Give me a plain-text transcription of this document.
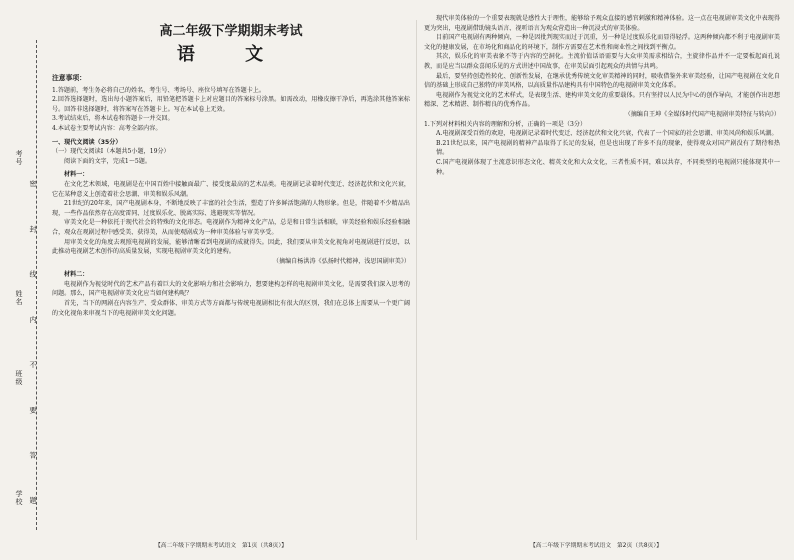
考号
姓名
班级
学校 密 封 线 内 不 要 答 题
高二年级下学期期末考试
语 文
注意事项：

1.答题前，考生务必将自己的姓名、考生号、考场号、座位号填写在答题卡上。

2.回答选择题时，选出每小题答案后，用铅笔把答题卡上对应题目的答案标号涂黑。如需改动，用橡皮擦干净后，再选涂其他答案标号。回答非选择题时，将答案写在答题卡上。写在本试卷上无效。

3.考试结束后，将本试卷和答题卡一并交回。

4.本试卷主要考试内容：高考全部内容。

一、现代文阅读（35分）

（一）现代文阅读Ⅰ（本题共5小题，19分）

阅读下面的文字，完成1～5题。

材料一：

在文化艺术领域，电视剧是在中国百姓中接触面最广、接受度最高的艺术品类。电视剧记录着时代变迁、经济起伏和文化兴衰，它在某种意义上创造着社会思潮、审美和娱乐风潮。

21世纪的20年来，国产电视剧本身，不断地反映了丰富的社会生活，塑造了许多鲜活饱满的人物形象。但是，伴随着不少精品出现，一些作品依然存在高度雷同、过度娱乐化、脱离实际、逃避现实等情况。

审美文化是一种依托于现代社会的特殊的文化形态。电视剧作为精神文化产品，总是和日常生活相联，审美经验和娱乐经验相融合，观众在观剧过程中感受美、获得美，从而使观剧成为一种审美体验与审美享受。

用审美文化的角度去观照电视剧的发展，能够清晰看到电视剧的成就得失。因此，我们要从审美文化视角对电视剧进行反思，以此推动电视剧艺术创作的高质量发展，实现电视剧审美文化的建构。

（摘编自杨洪涛《弘扬时代精神，浅思国剧审美》）

材料二：

电视剧作为视觉时代的艺术产品有着巨大的文化影响力和社会影响力，想要建构怎样的电视剧审美文化，是需要我们深入思考的问题。那么，国产电视剧审美文化应当如何建构呢？

首先，当下的网剧在内容生产、受众群体、审美方式等方面都与传统电视剧相比有很大的区别，我们在总体上需要从一个更广阔的文化视角来审视当下的电视剧审美文化问题。

现代审美体验的一个重要表现就是感性大于理性，能够给予观众直接的感官刺激和精神体验。这一点在电视剧审美文化中表现得更为突出，电视剧借助镜头语言、视听语言为观众营造出一种沉浸式的审美体验。

目前国产电视剧有两种倾向，一种是因批判现实而过于沉重，另一种是过度娱乐化而显得轻浮。这两种倾向都不利于电视剧审美文化的健康发展，在市场化和商品化的环境下，制作方需要在艺术性和商业性之间找到平衡点。

其次，娱乐化的审美表象不等于内容的空洞化。主流价值话语需要与大众审美需求相结合，主旋律作品并不一定要板起面孔说教，而是应当以群众喜闻乐见的方式讲述中国故事，在审美层面引起观众的共情与共鸣。

最后，要坚持创造性转化、创新性发展，在继承优秀传统文化审美精神的同时，吸收借鉴外来审美经验，让国产电视剧在文化自信的基础上形成自己独特的审美风格，以高质量作品建构具有中国特色的电视剧审美文化体系。

电视剧作为视觉文化的艺术样式，是表现生活、建构审美文化的重要载体。只有坚持以人民为中心的创作导向，才能创作出思想精深、艺术精湛、制作精良的优秀作品。

（摘编自王坤《全媒体时代国产电视剧审美特征与转向》）

1.下列对材料相关内容的理解和分析，正确的一项是（3分）

A.电视剧深受百姓的欢迎，电视剧记录着时代变迁、经济起伏和文化兴衰，代表了一个国家的社会思潮、审美风尚和娱乐风潮。

B.21世纪以来，国产电视剧的精神产品取得了长足的发展，但是也出现了许多不良的现象，使得观众对国产剧没有了期待和热情。

C.国产电视剧体现了主流意识形态文化、精英文化和大众文化，三者性质不同，难以共存，不同类型的电视剧只能体现其中一种。

【高二年级下学期期末考试语文　第1页（共8页）】	【高二年级下学期期末考试语文　第2页（共8页）】
